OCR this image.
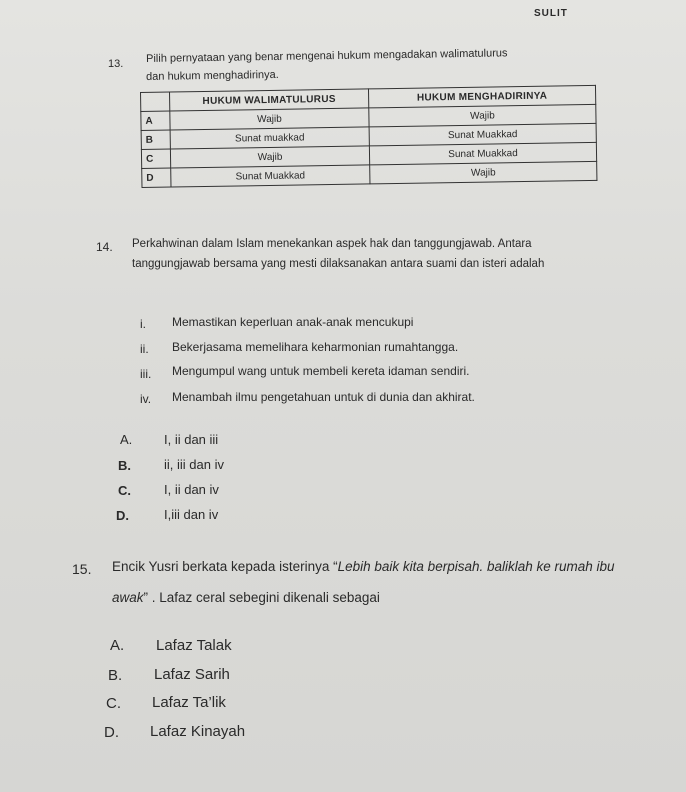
SULIT
13. Pilih pernyataan yang benar mengenai hukum mengadakan walimatulurus
dan hukum menghadirinya.
	HUKUM WALIMATULURUS	HUKUM MENGHADIRINYA
A	Wajib	Wajib
B	Sunat muakkad	Sunat Muakkad
C	Wajib	Sunat Muakkad
D	Sunat Muakkad	Wajib
14. Perkahwinan dalam Islam menekankan aspek hak dan tanggungjawab. Antara tanggungjawab bersama yang mesti dilaksanakan antara suami dan isteri adalah
i. Memastikan keperluan anak-anak mencukupi
ii. Bekerjasama memelihara keharmonian rumahtangga.
iii. Mengumpul wang untuk membeli kereta idaman sendiri.
iv. Menambah ilmu pengetahuan untuk di dunia dan akhirat.
A. I, ii dan iii
B.	ii, iii dan iv
C.	I, ii dan iv
D.	I,iii dan iv
15. Encik Yusri berkata kepada isterinya “Lebih baik kita berpisah. baliklah ke rumah ibu awak” . Lafaz ceral sebegini dikenali sebagai
A. Lafaz Talak
B. Lafaz Sarih
C. Lafaz Ta’lik
D. Lafaz Kinayah
